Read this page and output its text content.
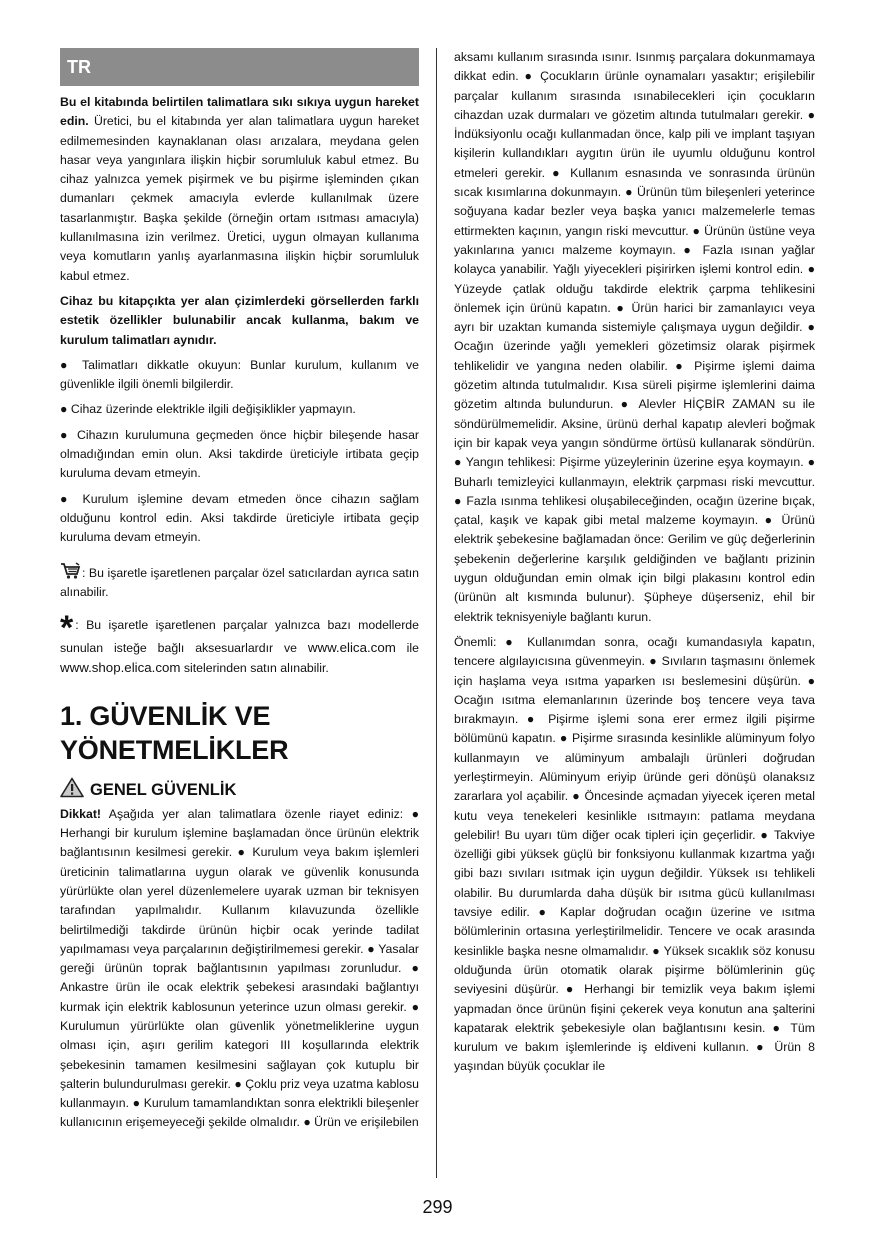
TR

Bu el kitabında belirtilen talimatlara sıkı sıkıya uygun hareket edin. Üretici, bu el kitabında yer alan talimatlara uygun hareket edilmemesinden kaynaklanan olası arızalara, meydana gelen hasar veya yangınlara ilişkin hiçbir sorumluluk kabul etmez. Bu cihaz yalnızca yemek pişirmek ve bu pişirme işleminden çıkan dumanları çekmek amacıyla evlerde kullanılmak üzere tasarlanmıştır. Başka şekilde (örneğin ortam ısıtması amacıyla) kullanılmasına izin verilmez. Üretici, uygun olmayan kullanıma veya komutların yanlış ayarlanmasına ilişkin hiçbir sorumluluk kabul etmez.

Cihaz bu kitapçıkta yer alan çizimlerdeki görsellerden farklı estetik özellikler bulunabilir ancak kullanma, bakım ve kurulum talimatları aynıdır.

● Talimatları dikkatle okuyun: Bunlar kurulum, kullanım ve güvenlikle ilgili önemli bilgilerdir.

● Cihaz üzerinde elektrikle ilgili değişiklikler yapmayın.

● Cihazın kurulumuna geçmeden önce hiçbir bileşende hasar olmadığından emin olun. Aksi takdirde üreticiyle irtibata geçip kuruluma devam etmeyin.

● Kurulum işlemine devam etmeden önce cihazın sağlam olduğunu kontrol edin. Aksi takdirde üreticiyle irtibata geçip kuruluma devam etmeyin.

: Bu işaretle işaretlenen parçalar özel satıcılardan ayrıca satın alınabilir.

* : Bu işaretle işaretlenen parçalar yalnızca bazı modellerde sunulan isteğe bağlı aksesuarlardır ve www.elica.com ile www.shop.elica.com sitelerinden satın alınabilir.

1. GÜVENLİK VE
YÖNETMELİKLER
GENEL GÜVENLİK

Dikkat! Aşağıda yer alan talimatlara özenle riayet ediniz: ● Herhangi bir kurulum işlemine başlamadan önce ürünün elektrik bağlantısının kesilmesi gerekir. ● Kurulum veya bakım işlemleri üreticinin talimatlarına uygun olarak ve güvenlik konusunda yürürlükte olan yerel düzenlemelere uyarak uzman bir teknisyen tarafından yapılmalıdır. Kullanım kılavuzunda özellikle belirtilmediği takdirde ürünün hiçbir ocak yerinde tadilat yapılmaması veya parçalarının değiştirilmemesi gerekir. ● Yasalar gereği ürünün toprak bağlantısının yapılması zorunludur. ● Ankastre ürün ile ocak elektrik şebekesi arasındaki bağlantıyı kurmak için elektrik kablosunun yeterince uzun olması gerekir. ● Kurulumun yürürlükte olan güvenlik yönetmeliklerine uygun olması için, aşırı gerilim kategori III koşullarında elektrik şebekesinin tamamen kesilmesini sağlayan çok kutuplu bir şalterin bulundurulması gerekir. ● Çoklu priz veya uzatma kablosu kullanmayın. ● Kurulum tamamlandıktan sonra elektrikli bileşenler kullanıcının erişemeyeceği şekilde olmalıdır. ● Ürün ve erişilebilen

aksamı kullanım sırasında ısınır. Isınmış parçalara dokunmamaya dikkat edin. ● Çocukların ürünle oynamaları yasaktır; erişilebilir parçalar kullanım sırasında ısınabilecekleri için çocukların cihazdan uzak durmaları ve gözetim altında tutulmaları gerekir. ● İndüksiyonlu ocağı kullanmadan önce, kalp pili ve implant taşıyan kişilerin kullandıkları aygıtın ürün ile uyumlu olduğunu kontrol etmeleri gerekir. ● Kullanım esnasında ve sonrasında ürünün sıcak kısımlarına dokunmayın. ● Ürünün tüm bileşenleri yeterince soğuyana kadar bezler veya başka yanıcı malzemelerle temas ettirmekten kaçının, yangın riski mevcuttur. ● Ürünün üstüne veya yakınlarına yanıcı malzeme koymayın. ● Fazla ısınan yağlar kolayca yanabilir. Yağlı yiyecekleri pişirirken işlemi kontrol edin. ● Yüzeyde çatlak olduğu takdirde elektrik çarpma tehlikesini önlemek için ürünü kapatın. ● Ürün harici bir zamanlayıcı veya ayrı bir uzaktan kumanda sistemiyle çalışmaya uygun değildir. ● Ocağın üzerinde yağlı yemekleri gözetimsiz olarak pişirmek tehlikelidir ve yangına neden olabilir. ● Pişirme işlemi daima gözetim altında tutulmalıdır. Kısa süreli pişirme işlemlerini daima gözetim altında bulundurun. ● Alevler HİÇBİR ZAMAN su ile söndürülmemelidir. Aksine, ürünü derhal kapatıp alevleri boğmak için bir kapak veya yangın söndürme örtüsü kullanarak söndürün. ● Yangın tehlikesi: Pişirme yüzeylerinin üzerine eşya koymayın. ● Buharlı temizleyici kullanmayın, elektrik çarpması riski mevcuttur. ● Fazla ısınma tehlikesi oluşabileceğinden, ocağın üzerine bıçak, çatal, kaşık ve kapak gibi metal malzeme koymayın. ● Ürünü elektrik şebekesine bağlamadan önce: Gerilim ve güç değerlerinin şebekenin değerlerine karşılık geldiğinden ve bağlantı prizinin uygun olduğundan emin olmak için bilgi plakasını kontrol edin (ürünün alt kısmında bulunur). Şüpheye düşerseniz, ehil bir elektrik teknisyeniyle bağlantı kurun.

Önemli: ● Kullanımdan sonra, ocağı kumandasıyla kapatın, tencere algılayıcısına güvenmeyin. ● Sıvıların taşmasını önlemek için haşlama veya ısıtma yaparken ısı beslemesini düşürün. ● Ocağın ısıtma elemanlarının üzerinde boş tencere veya tava bırakmayın. ● Pişirme işlemi sona erer ermez ilgili pişirme bölümünü kapatın. ● Pişirme sırasında kesinlikle alüminyum folyo kullanmayın ve alüminyum ambalajlı ürünleri doğrudan yerleştirmeyin. Alüminyum eriyip üründe geri dönüşü olanaksız zararlara yol açabilir. ● Öncesinde açmadan yiyecek içeren metal kutu veya tenekeleri kesinlikle ısıtmayın: patlama meydana gelebilir! Bu uyarı tüm diğer ocak tipleri için geçerlidir. ● Takviye özelliği gibi yüksek güçlü bir fonksiyonu kullanmak kızartma yağı gibi bazı sıvıları ısıtmak için uygun değildir. Yüksek ısı tehlikeli olabilir. Bu durumlarda daha düşük bir ısıtma gücü kullanılması tavsiye edilir. ● Kaplar doğrudan ocağın üzerine ve ısıtma bölümlerinin ortasına yerleştirilmelidir. Tencere ve ocak arasında kesinlikle başka nesne olmamalıdır. ● Yüksek sıcaklık söz konusu olduğunda ürün otomatik olarak pişirme bölümlerinin güç seviyesini düşürür. ● Herhangi bir temizlik veya bakım işlemi yapmadan önce ürünün fişini çekerek veya konutun ana şalterini kapatarak elektrik şebekesiyle olan bağlantısını kesin. ● Tüm kurulum ve bakım işlemlerinde iş eldiveni kullanın. ● Ürün 8 yaşından büyük çocuklar ile

299
